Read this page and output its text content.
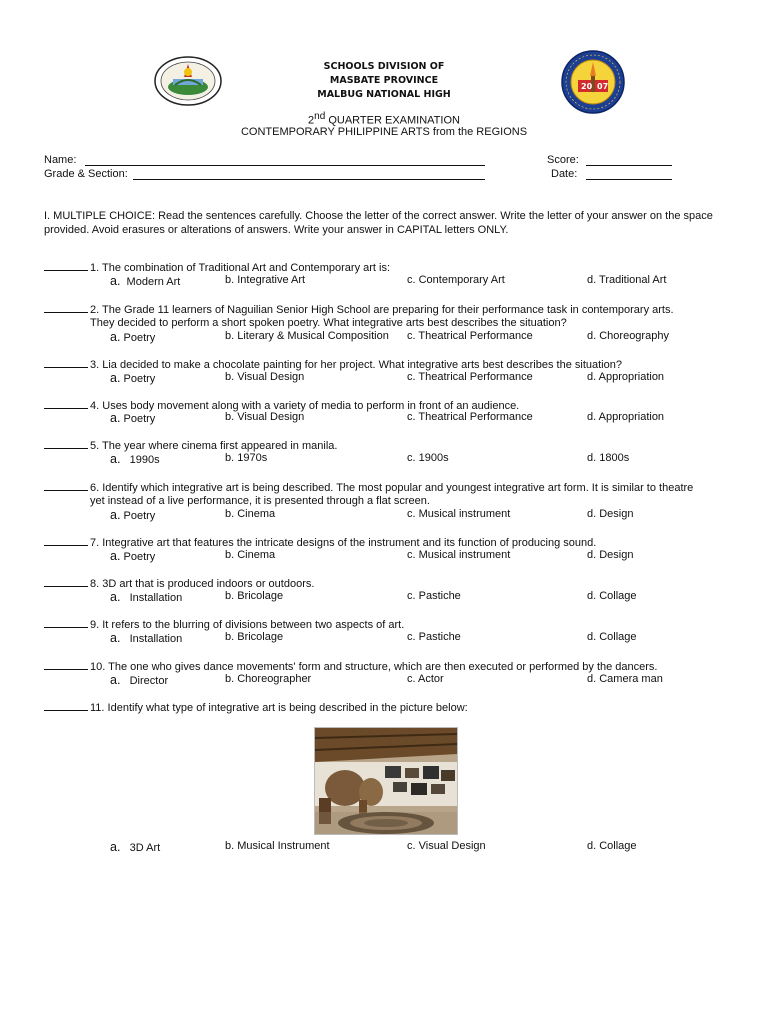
20 07
SCHOOLS DIVISION OF
MASBATE PROVINCE
MALBUG NATIONAL HIGH
2nd QUARTER EXAMINATION
CONTEMPORARY PHILIPPINE ARTS from the REGIONS
Name:
Grade & Section:
Score:
Date:
I. MULTIPLE CHOICE: Read the sentences carefully. Choose the letter of the correct answer. Write the letter of your answer on the space provided. Avoid erasures or alterations of answers. Write your answer in CAPITAL letters ONLY.
1. The combination of Traditional Art and Contemporary art is:
a.  Modern Art	b. Integrative Art	c. Contemporary Art	d. Traditional Art
2. The Grade 11 learners of Naguilian Senior High School are preparing for their performance task in contemporary arts.
They decided to perform a short spoken poetry. What integrative arts best describes the situation?
a. Poetry	b. Literary & Musical Composition c. Theatrical Performance	d. Choreography
3. Lia decided to make a chocolate painting for her project. What integrative arts best describes the situation?
a. Poetry	b. Visual Design	c. Theatrical Performance	d. Appropriation
4. Uses body movement along with a variety of media to perform in front of an audience.
a. Poetry	b. Visual Design	c. Theatrical Performance	d. Appropriation
5. The year where cinema first appeared in manila.
a.   1990s	b. 1970s	c. 1900s	d. 1800s
6. Identify which integrative art is being described. The most popular and youngest integrative art form. It is similar to theatre
yet instead of a live performance, it is presented through a flat screen.
a. Poetry	b. Cinema	c. Musical instrument	d. Design
7. Integrative art that features the intricate designs of the instrument and its function of producing sound.
a. Poetry	b. Cinema	c. Musical instrument	d. Design
8. 3D art that is produced indoors or outdoors.
a.   Installation	b. Bricolage	c. Pastiche	d. Collage
9. It refers to the blurring of divisions between two aspects of art.
a.   Installation	b. Bricolage	c. Pastiche	d. Collage
10. The one who gives dance movements' form and structure, which are then executed or performed by the dancers.
a.   Director	b. Choreographer	c. Actor	d. Camera man
11. Identify what type of integrative art is being described in the picture below:
a.   3D Art	b. Musical Instrument	c. Visual Design	d. Collage
